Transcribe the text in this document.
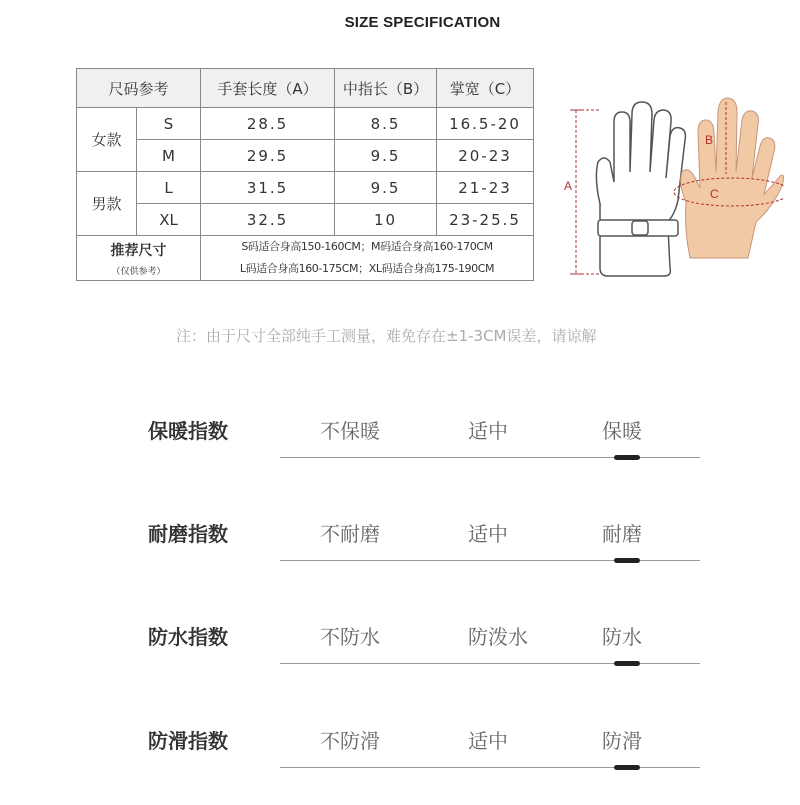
SIZE SPECIFICATION
尺码参考		手套长度（A）	中指长（B）	掌宽（C）
女款	S	28.5	8.5	16.5-20
	M	29.5	9.5	20-23
男款	L	31.5	9.5	21-23
	XL	32.5	10	23-25.5

推荐尺寸
（仅供参考）		S码适合身高150-160CM；M码适合身高160-170CM
L码适合身高160-175CM；XL码适合身高175-190CM		
A
B
C
注：由于尺寸全部纯手工测量，难免存在±1-3CM误差，请谅解
保暖指数	不保暖	适中	保暖
耐磨指数	不耐磨	适中	耐磨
防水指数	不防水	防泼水	防水
防滑指数	不防滑	适中	防滑
